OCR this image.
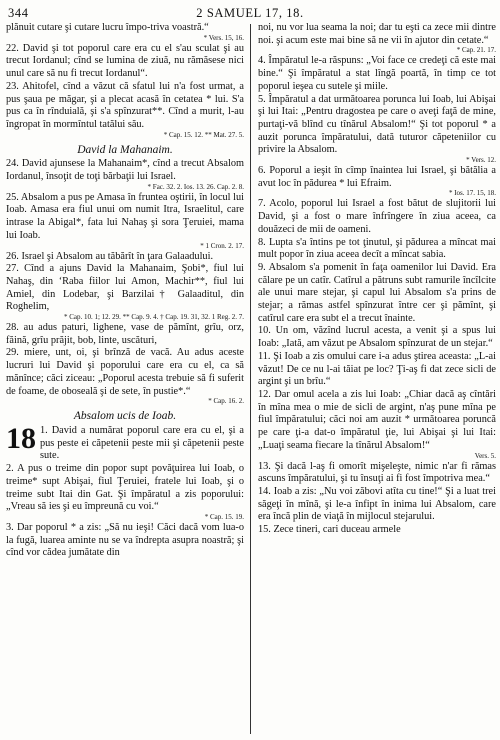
344	2 SAMUEL 17, 18.

plănuit cutare şi cutare lucru împo-triva voastră.“

* Vers. 15, 16.

22. David şi tot poporul care era cu el s'au sculat şi au trecut Iordanul; cînd se lumina de ziuă, nu rămăsese nici unul care să nu fi trecut Iordanul“.

23. Ahitofel, cînd a văzut că sfatul lui n'a fost urmat, a pus şaua pe măgar, şi a plecat acasă în cetatea * lui. S'a pus ca în rînduială, şi s'a spînzurat**. Cînd a murit, l-au îngropat în mormîntul tatălui său.

* Cap. 15. 12. ** Mat. 27. 5.
David la Mahanaim.

24. David ajunsese la Mahanaim*, cînd a trecut Absalom Iordanul, însoţit de toţi bărbaţii lui Israel.

* Fac. 32. 2. Ios. 13. 26. Cap. 2. 8.

25. Absalom a pus pe Amasa în fruntea oştirii, în locul lui Ioab. Amasa era fiul unui om numit Itra, Israelitul, care intrase la Abigal*, fata lui Nahaş şi sora Ţeruiei, mama lui Ioab.

* 1 Cron. 2. 17.

26. Israel şi Absalom au tăbărît în ţara Galaadului.

27. Cînd a ajuns David la Mahanaim, Şobi*, fiul lui Nahaş, din ‘Raba fiilor lui Amon, Machir**, fiul lui Amiel, din Lodebar, şi Barzilai† Galaaditul, din Roghelim,

* Cap. 10. 1; 12. 29. ** Cap. 9. 4. † Cap. 19. 31, 32. 1 Reg. 2. 7.

28. au adus paturi, lighene, vase de pămînt, grîu, orz, făină, grîu prăjit, bob, linte, uscături,

29. miere, unt, oi, şi brînză de vacă. Au adus aceste lucruri lui David şi poporului care era cu el, ca să mănînce; căci ziceau: „Poporul acesta trebuie să fi suferit de foame, de oboseală şi de sete, în pustie*.“

* Cap. 16. 2.
Absalom ucis de Ioab.

18 1. David a numărat poporul care era cu el, şi a pus peste ei căpetenii peste mii şi căpetenii peste sute.

2. A pus o treime din popor supt povăţuirea lui Ioab, o treime* supt Abişai, fiul Ţeruiei, fratele lui Ioab, şi o treime subt Itai din Gat. Şi împăratul a zis poporului: „Vreau să ies şi eu împreună cu voi.“

* Cap. 15. 19.

3. Dar poporul * a zis: „Să nu ieşi! Căci dacă vom lua-o la fugă, luarea aminte nu se va îndrepta asupra noastră; şi cînd vor cădea jumătate din

noi, nu vor lua seama la noi; dar tu eşti ca zece mii dintre noi. şi acum este mai bine să ne vii în ajutor din cetate.“

* Cap. 21. 17.

4. Împăratul le-a răspuns: „Voi face ce credeţi că este mai bine.“ Şi împăratul a stat lîngă poartă, în timp ce tot poporul ieşea cu sutele şi miile.

5. Împăratul a dat următoarea porunca lui Ioab, lui Abişai şi lui Itai: „Pentru dragostea pe care o aveţi faţă de mine, purtaţi-vă blînd cu tînărul Absalom!“ Şi tot poporul * a auzit porunca împăratului, dată tuturor căpeteniilor cu privire la Absalom.

* Vers. 12.

6. Poporul a ieşit în cîmp înaintea lui Israel, şi bătălia a avut loc în pădurea * lui Efraim.

* Ios. 17. 15, 18.

7. Acolo, poporul lui Israel a fost bătut de slujitorii lui David, şi a fost o mare înfrîngere în ziua aceea, ca douăzeci de mii de oameni.

8. Lupta s'a întins pe tot ţinutul, şi pădurea a mîncat mai mult popor în ziua aceea decît a mîncat sabia.

9. Absalom s'a pomenit în faţa oamenilor lui David. Era călare pe un catîr. Catîrul a pătruns subt ramurile încîlcite ale unui mare stejar, şi capul lui Absalom s'a prins de stejar; a rămas astfel spînzurat între cer şi pămînt, şi catîrul care era subt el a trecut înainte.

10. Un om, văzînd lucrul acesta, a venit şi a spus lui Ioab: „Iată, am văzut pe Absalom spînzurat de un stejar.“

11. Şi Ioab a zis omului care i-a adus ştirea aceasta: „L-ai văzut! De ce nu l-ai tăiat pe loc? Ţi-aş fi dat zece sicli de argint şi un brîu.“

12. Dar omul acela a zis lui Ioab: „Chiar dacă aş cîntări în mîna mea o mie de sicli de argint, n'aş pune mîna pe fiul împăratului; căci noi am auzit * următoarea poruncă pe care ţi-a dat-o împăratul ţie, lui Abişai şi lui Itai: „Luaţi seama fiecare la tînărul Absalom!“

Vers. 5.

13. Şi dacă l-aş fi omorît mişeleşte, nimic n'ar fi rămas ascuns împăratului, şi tu însuţi ai fi fost împotriva mea.“

14. Ioab a zis: „Nu voi zăbovi atîta cu tine!“ Şi a luat trei săgeţi în mînă, şi le-a înfipt în inima lui Absalom, care era încă plin de viaţă în mijlocul stejarului.

15. Zece tineri, cari duceau armele
